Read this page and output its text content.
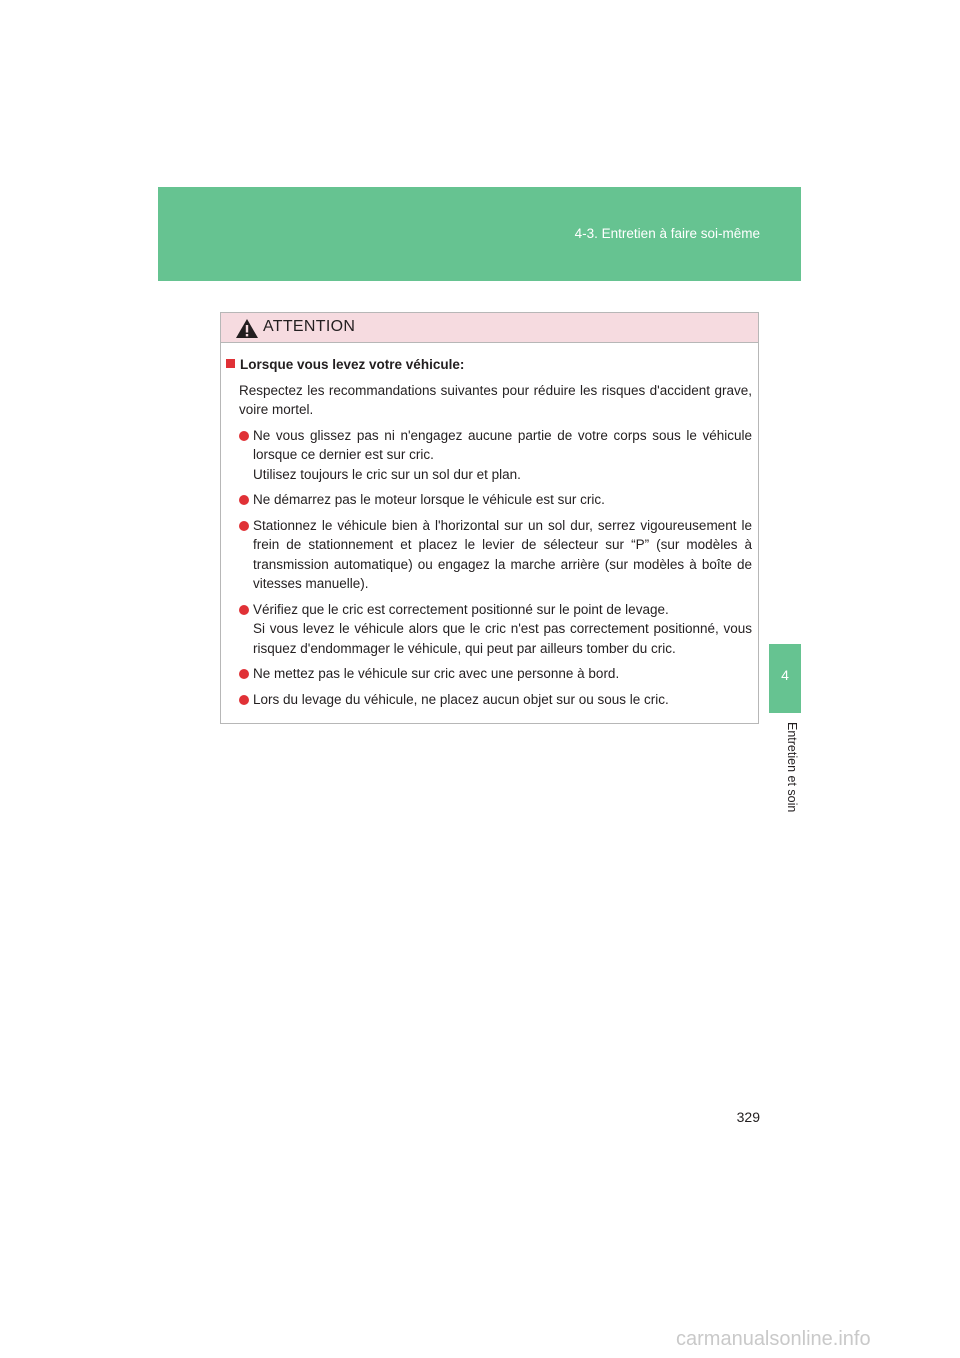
4-3. Entretien à faire soi-même
4
Entretien et soin
ATTENTION
Lorsque vous levez votre véhicule:
Respectez les recommandations suivantes pour réduire les risques d'accident grave, voire mortel.
Ne vous glissez pas ni n'engagez aucune partie de votre corps sous le véhicule lorsque ce dernier est sur cric.
Utilisez toujours le cric sur un sol dur et plan.
Ne démarrez pas le moteur lorsque le véhicule est sur cric.
Stationnez le véhicule bien à l'horizontal sur un sol dur, serrez vigoureusement le frein de stationnement et placez le levier de sélecteur sur “P” (sur modèles à transmission automatique) ou engagez la marche arrière (sur modèles à boîte de vitesses manuelle).
Vérifiez que le cric est correctement positionné sur le point de levage.
Si vous levez le véhicule alors que le cric n'est pas correctement positionné, vous risquez d'endommager le véhicule, qui peut par ailleurs tomber du cric.
Ne mettez pas le véhicule sur cric avec une personne à bord.
Lors du levage du véhicule, ne placez aucun objet sur ou sous le cric.
329
carmanualsonline.info
